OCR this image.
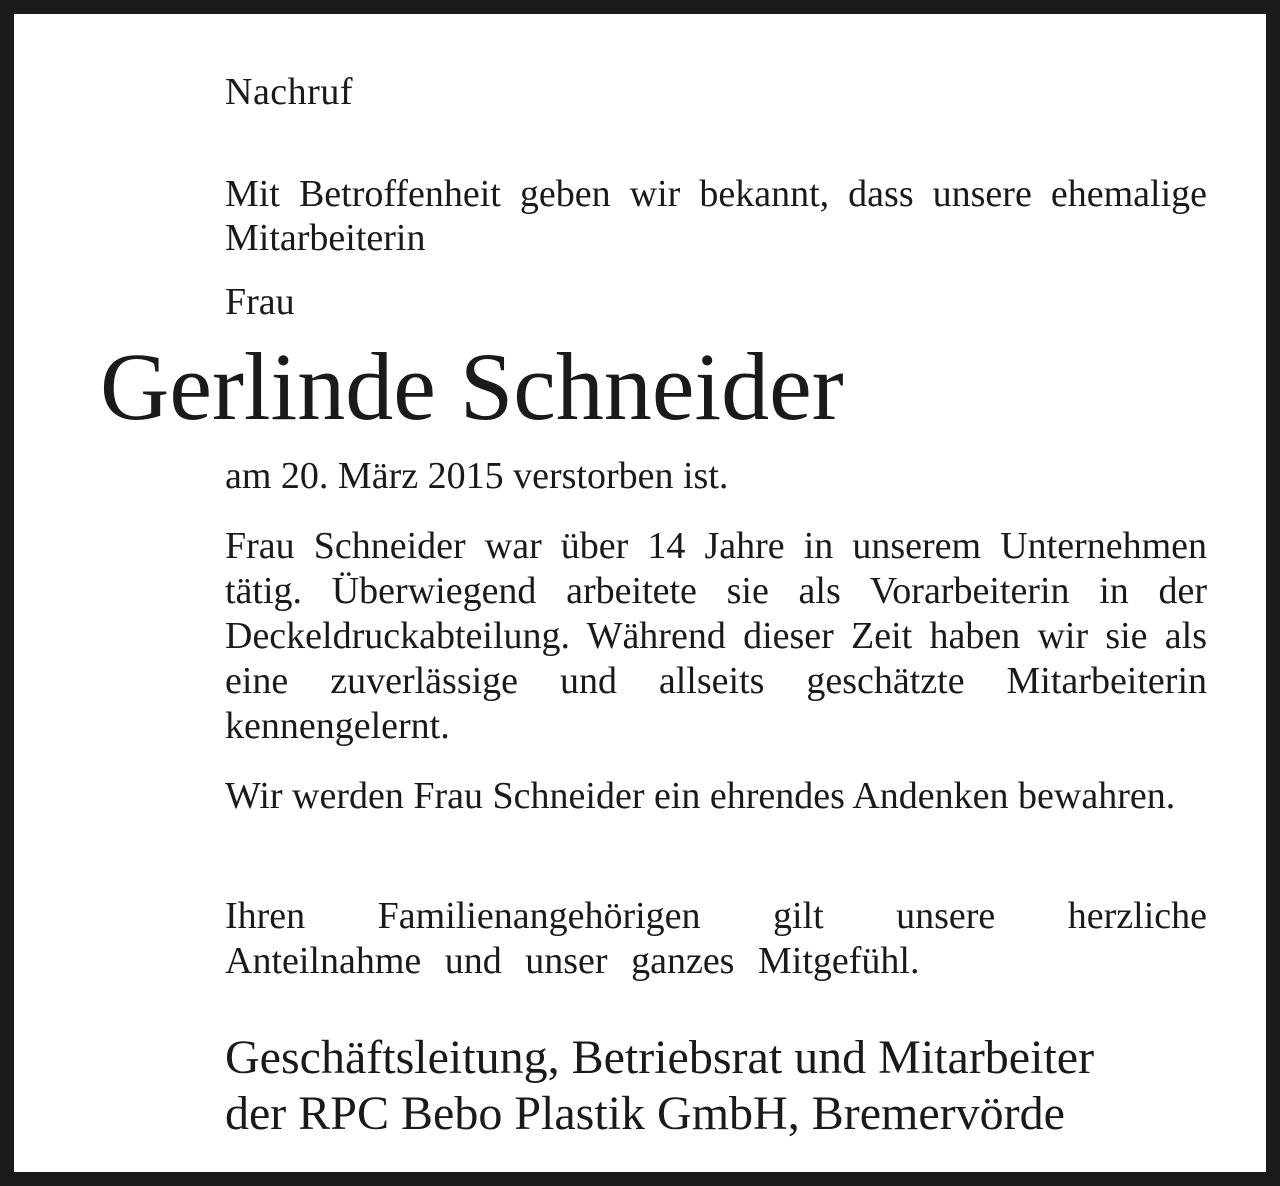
Nachruf
Mit Betroffenheit geben wir bekannt, dass unsere ehemalige Mitarbeiterin
Frau
Gerlinde Schneider
am 20. März 2015 verstorben ist.
Frau Schneider war über 14 Jahre in unserem Unternehmen tätig. Überwiegend arbeitete sie als Vorarbeiterin in der Deckeldruckabteilung. Während dieser Zeit haben wir sie als eine zuverlässige und allseits geschätzte Mitarbeiterin kennengelernt.
Wir werden Frau Schneider ein ehrendes Andenken bewahren.
Ihren Familienangehörigen gilt unsere herzliche Anteilnahme und unser ganzes Mitgefühl.
Geschäftsleitung, Betriebsrat und Mitarbeiter
der RPC Bebo Plastik GmbH, Bremervörde
